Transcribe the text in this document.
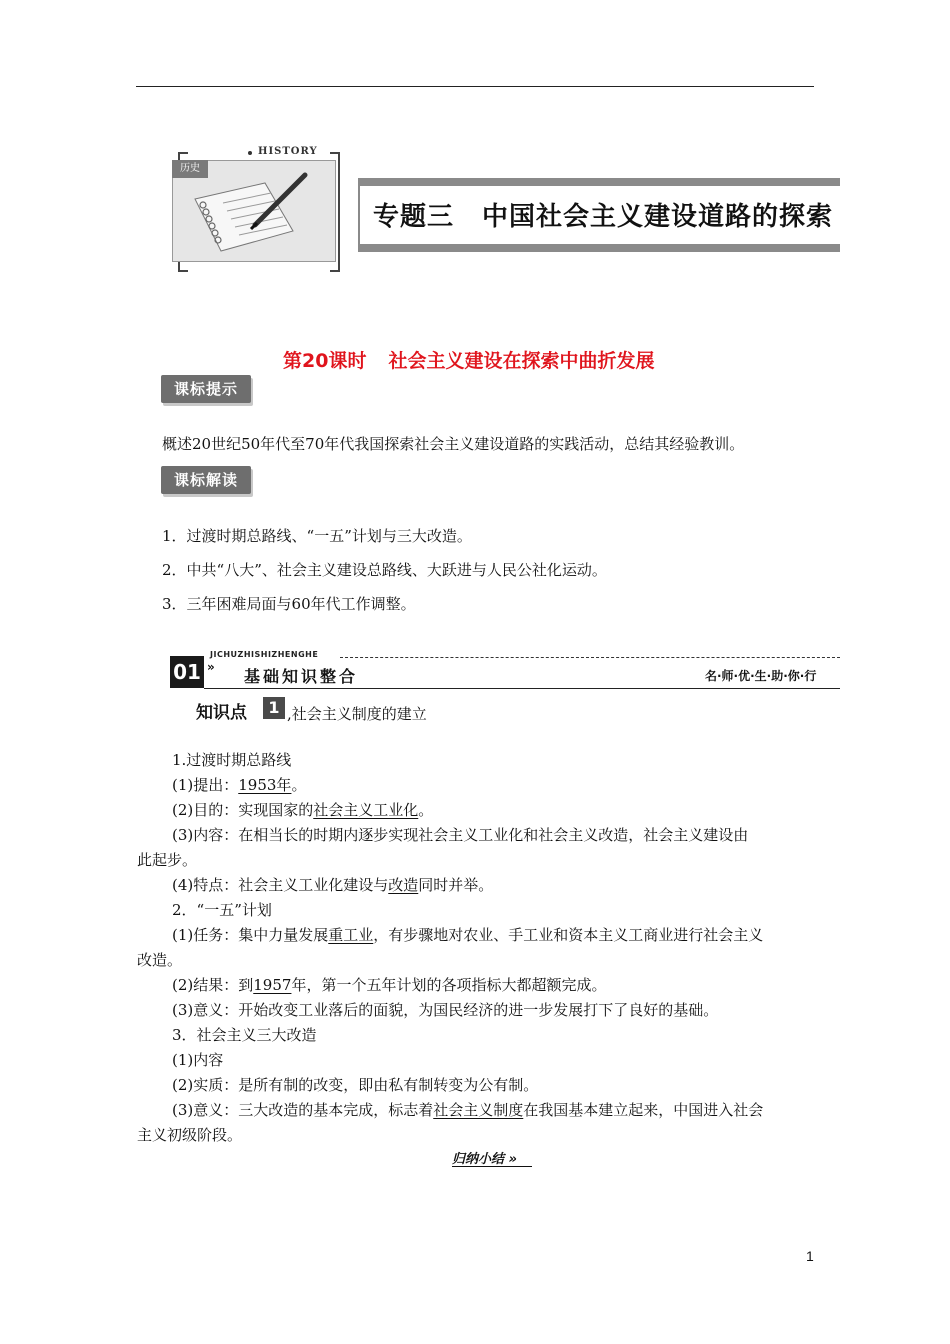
历史
HISTORY
专题三 中国社会主义建设道路的探索
第20课时 社会主义建设在探索中曲折发展
课标提示
概述20世纪50年代至70年代我国探索社会主义建设道路的实践活动，总结其经验教训。
课标解读
1．过渡时期总路线、“一五”计划与三大改造。
2．中共“八大”、社会主义建设总路线、大跃进与人民公社化运动。
3．三年困难局面与60年代工作调整。
01
JICHUZHISHIZHENGHE
» 基础知识整合	名·师·优·生·助·你·行
知识点	1 ,社会主义制度的建立
1.过渡时期总路线
(1)提出：1953年。
(2)目的：实现国家的社会主义工业化。
(3)内容：在相当长的时期内逐步实现社会主义工业化和社会主义改造，社会主义建设由
此起步。
(4)特点：社会主义工业化建设与改造同时并举。
2．“一五”计划
(1)任务：集中力量发展重工业，有步骤地对农业、手工业和资本主义工商业进行社会主义
改造。
(2)结果：到1957年，第一个五年计划的各项指标大都超额完成。
(3)意义：开始改变工业落后的面貌，为国民经济的进一步发展打下了良好的基础。
3．社会主义三大改造
(1)内容
(2)实质：是所有制的改变，即由私有制转变为公有制。
(3)意义：三大改造的基本完成，标志着社会主义制度在我国基本建立起来，中国进入社会
主义初级阶段。
归纳小结 »
1
